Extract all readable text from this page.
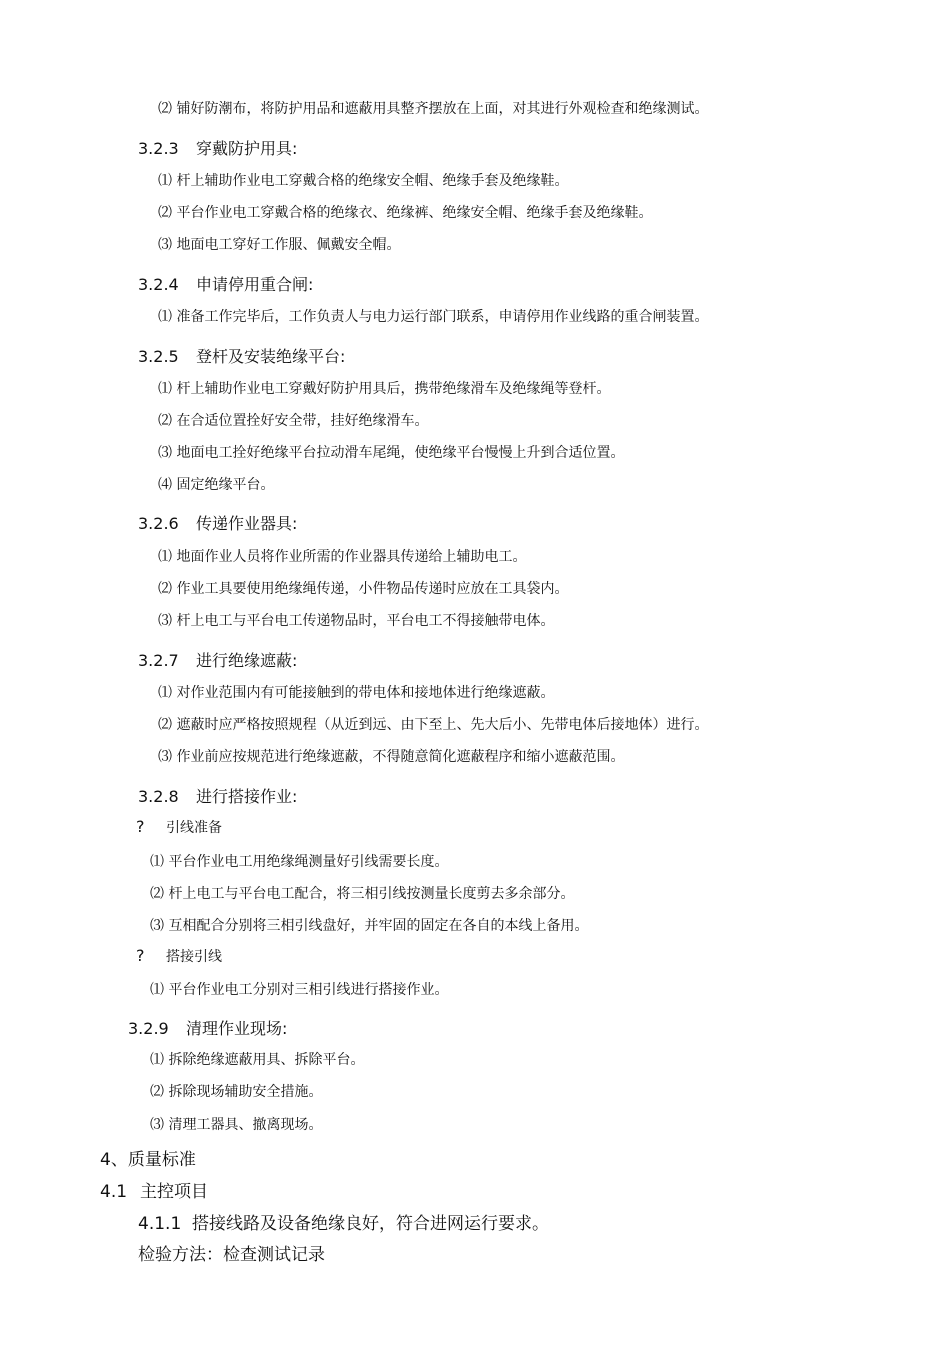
⑵ 铺好防潮布，将防护用品和遮蔽用具整齐摆放在上面，对其进行外观检查和绝缘测试。
3.2.3 穿戴防护用具:
⑴ 杆上辅助作业电工穿戴合格的绝缘安全帽、绝缘手套及绝缘鞋。
⑵ 平台作业电工穿戴合格的绝缘衣、绝缘裤、绝缘安全帽、绝缘手套及绝缘鞋。
⑶ 地面电工穿好工作服、佩戴安全帽。
3.2.4 申请停用重合闸:
⑴ 准备工作完毕后，工作负责人与电力运行部门联系，申请停用作业线路的重合闸装置。
3.2.5 登杆及安装绝缘平台:
⑴ 杆上辅助作业电工穿戴好防护用具后，携带绝缘滑车及绝缘绳等登杆。
⑵ 在合适位置拴好安全带，挂好绝缘滑车。
⑶ 地面电工拴好绝缘平台拉动滑车尾绳，使绝缘平台慢慢上升到合适位置。
⑷ 固定绝缘平台。
3.2.6 传递作业器具:
⑴ 地面作业人员将作业所需的作业器具传递给上辅助电工。
⑵ 作业工具要使用绝缘绳传递，小件物品传递时应放在工具袋内。
⑶ 杆上电工与平台电工传递物品时，平台电工不得接触带电体。
3.2.7 进行绝缘遮蔽:
⑴ 对作业范围内有可能接触到的带电体和接地体进行绝缘遮蔽。
⑵ 遮蔽时应严格按照规程（从近到远、由下至上、先大后小、先带电体后接地体）进行。
⑶ 作业前应按规范进行绝缘遮蔽，不得随意简化遮蔽程序和缩小遮蔽范围。
3.2.8 进行搭接作业:
? 引线准备
⑴ 平台作业电工用绝缘绳测量好引线需要长度。
⑵ 杆上电工与平台电工配合，将三相引线按测量长度剪去多余部分。
⑶ 互相配合分别将三相引线盘好，并牢固的固定在各自的本线上备用。
? 搭接引线
⑴ 平台作业电工分别对三相引线进行搭接作业。
3.2.9 清理作业现场:
⑴ 拆除绝缘遮蔽用具、拆除平台。
⑵ 拆除现场辅助安全措施。
⑶ 清理工器具、撤离现场。
4、质量标准
4.1 主控项目
4.1.1 搭接线路及设备绝缘良好，符合进网运行要求。
检验方法：检查测试记录
